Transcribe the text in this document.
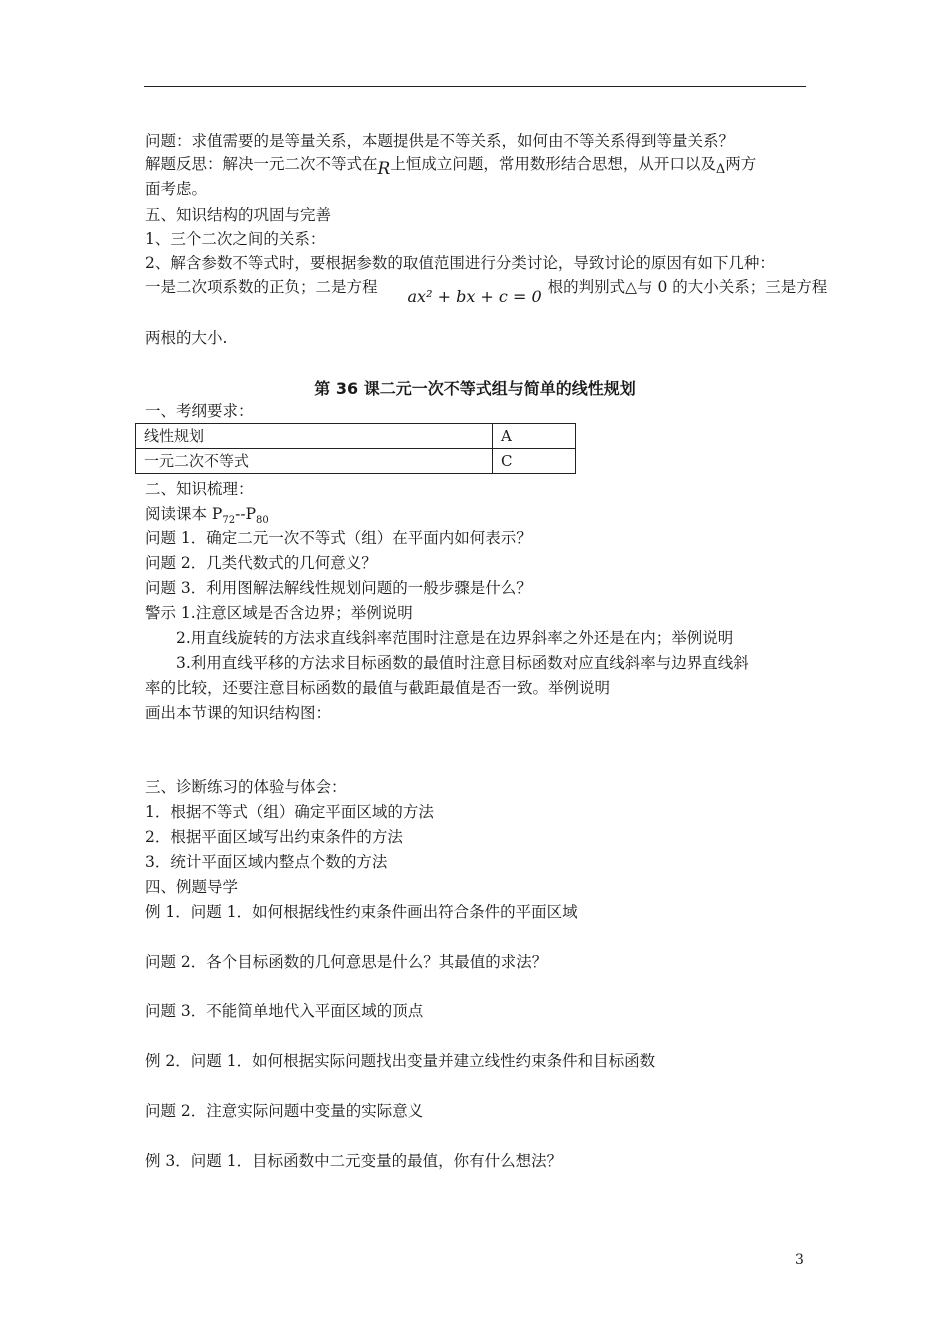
问题：求值需要的是等量关系，本题提供是不等关系，如何由不等关系得到等量关系？
解题反思：解决一元二次不等式在R上恒成立问题，常用数形结合思想，从开口以及$_\Delta$两方
面考虑。
五、知识结构的巩固与完善
1、三个二次之间的关系：
2、解含参数不等式时，要根据参数的取值范围进行分类讨论，导致讨论的原因有如下几种：
一是二次项系数的正负；二是方程 ax² + bx + c = 0 根的判别式△与 0 的大小关系；三是方程
两根的大小.
第 36 课二元一次不等式组与简单的线性规划
一、考纲要求：
线性规划	A
一元二次不等式	C
二、知识梳理：
阅读课本 $P_{72}--P_{80}$
问题 1．确定二元一次不等式（组）在平面内如何表示？
问题 2．几类代数式的几何意义？
问题 3．利用图解法解线性规划问题的一般步骤是什么？
警示 1.注意区域是否含边界；举例说明
2.用直线旋转的方法求直线斜率范围时注意是在边界斜率之外还是在内；举例说明
3.利用直线平移的方法求目标函数的最值时注意目标函数对应直线斜率与边界直线斜
率的比较，还要注意目标函数的最值与截距最值是否一致。举例说明
画出本节课的知识结构图：
三、诊断练习的体验与体会：
1．根据不等式（组）确定平面区域的方法
2．根据平面区域写出约束条件的方法
3．统计平面区域内整点个数的方法
四、例题导学
例 1．问题 1．如何根据线性约束条件画出符合条件的平面区域
问题 2．各个目标函数的几何意思是什么？其最值的求法？
问题 3．不能简单地代入平面区域的顶点
例 2．问题 1．如何根据实际问题找出变量并建立线性约束条件和目标函数
问题 2．注意实际问题中变量的实际意义
例 3．问题 1．目标函数中二元变量的最值，你有什么想法？
3
